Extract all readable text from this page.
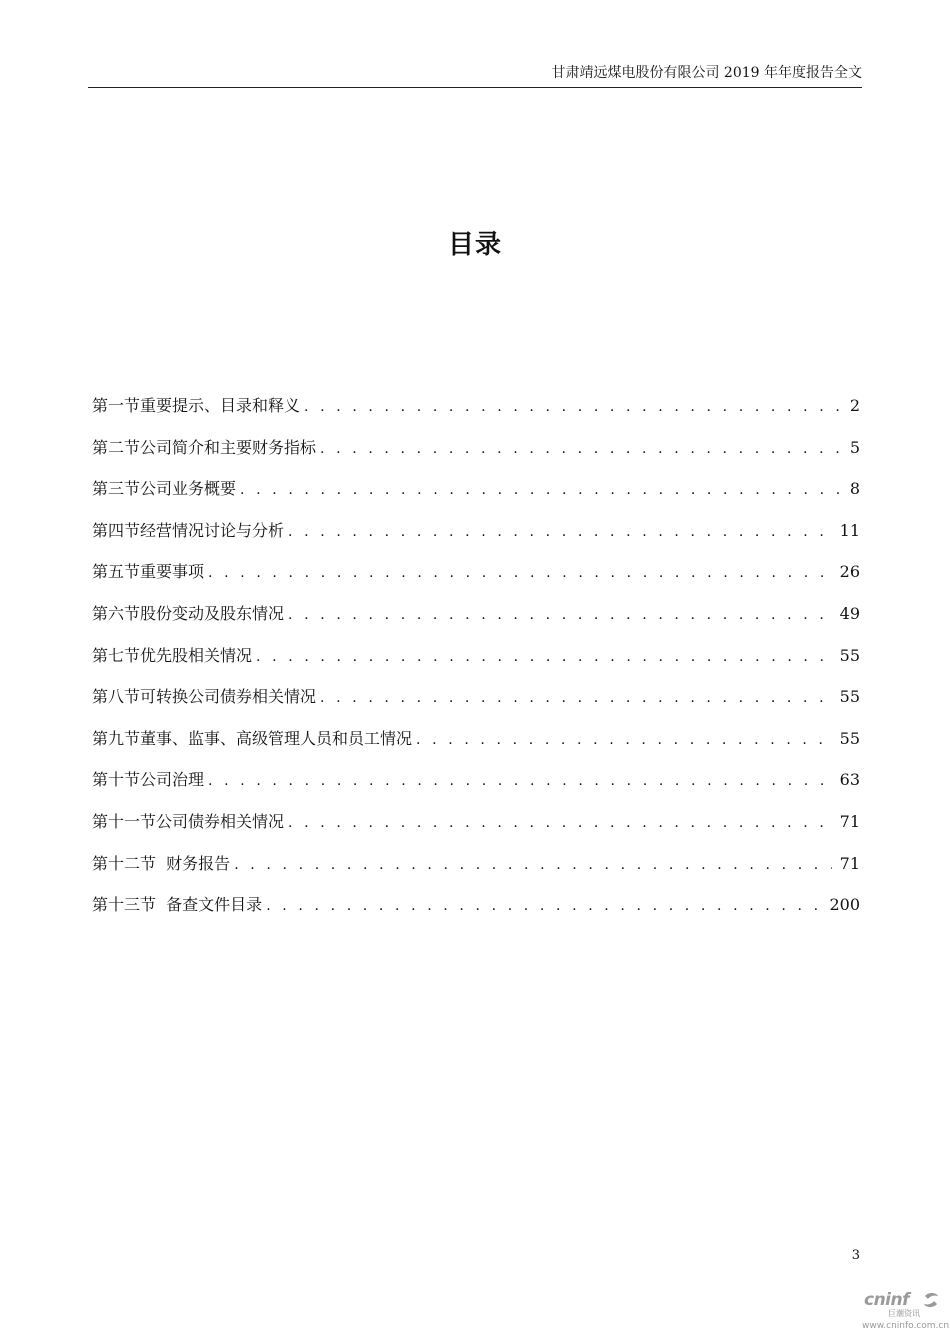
甘肃靖远煤电股份有限公司 2019 年年度报告全文
目录
第一节重要提示、目录和释义 . . .	2
第二节公司简介和主要财务指标 . . .	5
第三节公司业务概要 . . .	8
第四节经营情况讨论与分析 . . .	11
第五节重要事项 . . .	26
第六节股份变动及股东情况 . . .	49
第七节优先股相关情况 . . .	55
第八节可转换公司债券相关情况 . . .	55
第九节董事、监事、高级管理人员和员工情况 . . .	55
第十节公司治理 . . .	63
第十一节公司债券相关情况 . . .	71
第十二节  财务报告 . . .	71
第十三节  备查文件目录 . . .	200
3
cninf
巨潮资讯
www.cninfo.com.cn
